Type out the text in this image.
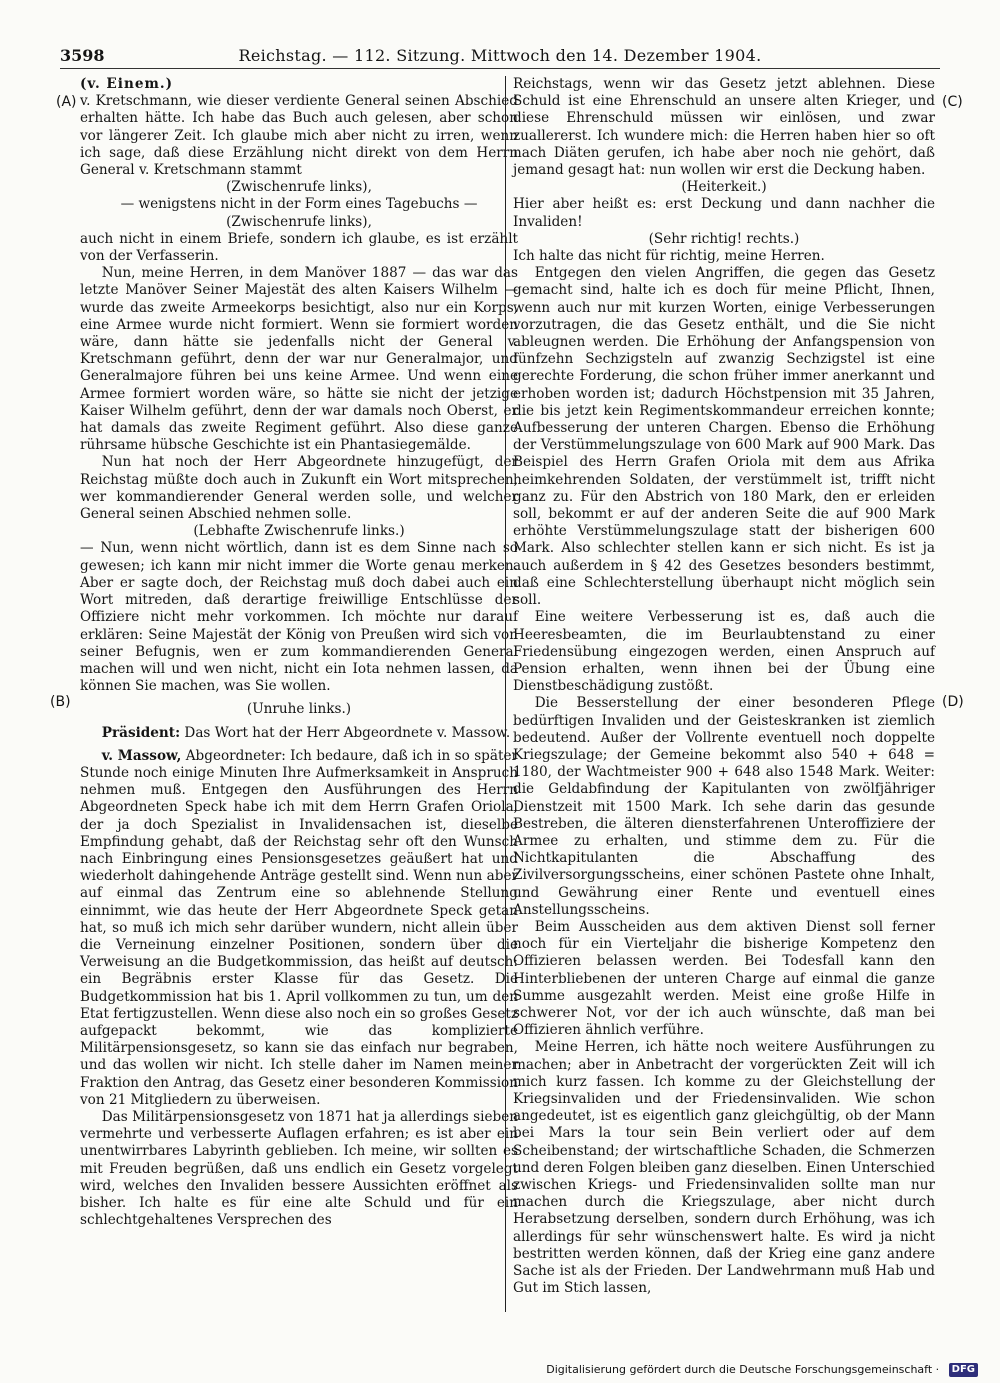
3598	Reichstag. — 112. Sitzung. Mittwoch den 14. Dezember 1904.
(A)
(B)
(C)
(D)

(v. Einem.)

v. Kretschmann, wie dieser verdiente General seinen Abschied erhalten hätte. Ich habe das Buch auch gelesen, aber schon vor längerer Zeit. Ich glaube mich aber nicht zu irren, wenn ich sage, daß diese Erzählung nicht direkt von dem Herrn General v. Kretschmann stammt

(Zwischenrufe links),

— wenigstens nicht in der Form eines Tagebuchs —

(Zwischenrufe links),

auch nicht in einem Briefe, sondern ich glaube, es ist erzählt von der Verfasserin.

Nun, meine Herren, in dem Manöver 1887 — das war das letzte Manöver Seiner Majestät des alten Kaisers Wilhelm — wurde das zweite Armeekorps besichtigt, also nur ein Korps, eine Armee wurde nicht formiert. Wenn sie formiert worden wäre, dann hätte sie jedenfalls nicht der General v. Kretschmann geführt, denn der war nur Generalmajor, und Generalmajore führen bei uns keine Armee. Und wenn eine Armee formiert worden wäre, so hätte sie nicht der jetzige Kaiser Wilhelm geführt, denn der war damals noch Oberst, er hat damals das zweite Regiment geführt. Also diese ganze rührsame hübsche Geschichte ist ein Phantasiegemälde.

Nun hat noch der Herr Abgeordnete hinzugefügt, der Reichstag müßte doch auch in Zukunft ein Wort mitsprechen, wer kommandierender General werden solle, und welcher General seinen Abschied nehmen solle.

(Lebhafte Zwischenrufe links.)

— Nun, wenn nicht wörtlich, dann ist es dem Sinne nach so gewesen; ich kann mir nicht immer die Worte genau merken. Aber er sagte doch, der Reichstag muß doch dabei auch ein Wort mitreden, daß derartige freiwillige Entschlüsse der Offiziere nicht mehr vorkommen. Ich möchte nur darauf erklären: Seine Majestät der König von Preußen wird sich von seiner Befugnis, wen er zum kommandierenden General machen will und wen nicht, nicht ein Iota nehmen lassen, da können Sie machen, was Sie wollen.

(Unruhe links.)

Präsident: Das Wort hat der Herr Abgeordnete v. Massow.

v. Massow, Abgeordneter: Ich bedaure, daß ich in so später Stunde noch einige Minuten Ihre Aufmerksamkeit in Anspruch nehmen muß. Entgegen den Ausführungen des Herrn Abgeordneten Speck habe ich mit dem Herrn Grafen Oriola, der ja doch Spezialist in Invalidensachen ist, dieselbe Empfindung gehabt, daß der Reichstag sehr oft den Wunsch nach Einbringung eines Pensionsgesetzes geäußert hat und wiederholt dahingehende Anträge gestellt sind. Wenn nun aber auf einmal das Zentrum eine so ablehnende Stellung einnimmt, wie das heute der Herr Abgeordnete Speck getan hat, so muß ich mich sehr darüber wundern, nicht allein über die Verneinung einzelner Positionen, sondern über die Verweisung an die Budgetkommission, das heißt auf deutsch: ein Begräbnis erster Klasse für das Gesetz. Die Budgetkommission hat bis 1. April vollkommen zu tun, um den Etat fertigzustellen. Wenn diese also noch ein so großes Gesetz aufgepackt bekommt, wie das komplizierte Militärpensionsgesetz, so kann sie das einfach nur begraben, und das wollen wir nicht. Ich stelle daher im Namen meiner Fraktion den Antrag, das Gesetz einer besonderen Kommission von 21 Mitgliedern zu überweisen.

Das Militärpensionsgesetz von 1871 hat ja allerdings sieben vermehrte und verbesserte Auflagen erfahren; es ist aber ein unentwirrbares Labyrinth geblieben. Ich meine, wir sollten es mit Freuden begrüßen, daß uns endlich ein Gesetz vorgelegt wird, welches den Invaliden bessere Aussichten eröffnet als bisher. Ich halte es für eine alte Schuld und für ein schlechtgehaltenes Versprechen des

Reichstags, wenn wir das Gesetz jetzt ablehnen. Diese Schuld ist eine Ehrenschuld an unsere alten Krieger, und diese Ehrenschuld müssen wir einlösen, und zwar zuallererst. Ich wundere mich: die Herren haben hier so oft nach Diäten gerufen, ich habe aber noch nie gehört, daß jemand gesagt hat: nun wollen wir erst die Deckung haben.

(Heiterkeit.)

Hier aber heißt es: erst Deckung und dann nachher die Invaliden!

(Sehr richtig! rechts.)

Ich halte das nicht für richtig, meine Herren.

Entgegen den vielen Angriffen, die gegen das Gesetz gemacht sind, halte ich es doch für meine Pflicht, Ihnen, wenn auch nur mit kurzen Worten, einige Verbesserungen vorzutragen, die das Gesetz enthält, und die Sie nicht ableugnen werden. Die Erhöhung der Anfangspension von fünfzehn Sechzigsteln auf zwanzig Sechzigstel ist eine gerechte Forderung, die schon früher immer anerkannt und erhoben worden ist; dadurch Höchstpension mit 35 Jahren, die bis jetzt kein Regimentskommandeur erreichen konnte; Aufbesserung der unteren Chargen. Ebenso die Erhöhung der Verstümmelungszulage von 600 Mark auf 900 Mark. Das Beispiel des Herrn Grafen Oriola mit dem aus Afrika heimkehrenden Soldaten, der verstümmelt ist, trifft nicht ganz zu. Für den Abstrich von 180 Mark, den er erleiden soll, bekommt er auf der anderen Seite die auf 900 Mark erhöhte Verstümmelungszulage statt der bisherigen 600 Mark. Also schlechter stellen kann er sich nicht. Es ist ja auch außerdem in § 42 des Gesetzes besonders bestimmt, daß eine Schlechterstellung überhaupt nicht möglich sein soll.

Eine weitere Verbesserung ist es, daß auch die Heeresbeamten, die im Beurlaubtenstand zu einer Friedensübung eingezogen werden, einen Anspruch auf Pension erhalten, wenn ihnen bei der Übung eine Dienstbeschädigung zustößt.

Die Besserstellung der einer besonderen Pflege bedürftigen Invaliden und der Geisteskranken ist ziemlich bedeutend. Außer der Vollrente eventuell noch doppelte Kriegszulage; der Gemeine bekommt also 540 + 648 = 1180, der Wachtmeister 900 + 648 also 1548 Mark. Weiter: die Geldabfindung der Kapitulanten von zwölfjähriger Dienstzeit mit 1500 Mark. Ich sehe darin das gesunde Bestreben, die älteren diensterfahrenen Unteroffiziere der Armee zu erhalten, und stimme dem zu. Für die Nichtkapitulanten die Abschaffung des Zivilversorgungsscheins, einer schönen Pastete ohne Inhalt, und Gewährung einer Rente und eventuell eines Anstellungsscheins.

Beim Ausscheiden aus dem aktiven Dienst soll ferner noch für ein Vierteljahr die bisherige Kompetenz den Offizieren belassen werden. Bei Todesfall kann den Hinterbliebenen der unteren Charge auf einmal die ganze Summe ausgezahlt werden. Meist eine große Hilfe in schwerer Not, vor der ich auch wünschte, daß man bei Offizieren ähnlich verführe.

Meine Herren, ich hätte noch weitere Ausführungen zu machen; aber in Anbetracht der vorgerückten Zeit will ich mich kurz fassen. Ich komme zu der Gleichstellung der Kriegsinvaliden und der Friedensinvaliden. Wie schon angedeutet, ist es eigentlich ganz gleichgültig, ob der Mann bei Mars la tour sein Bein verliert oder auf dem Scheibenstand; der wirtschaftliche Schaden, die Schmerzen und deren Folgen bleiben ganz dieselben. Einen Unterschied zwischen Kriegs- und Friedensinvaliden sollte man nur machen durch die Kriegszulage, aber nicht durch Herabsetzung derselben, sondern durch Erhöhung, was ich allerdings für sehr wünschenswert halte. Es wird ja nicht bestritten werden können, daß der Krieg eine ganz andere Sache ist als der Frieden. Der Landwehrmann muß Hab und Gut im Stich lassen,

Digitalisierung gefördert durch die Deutsche Forschungsgemeinschaft · DFG
